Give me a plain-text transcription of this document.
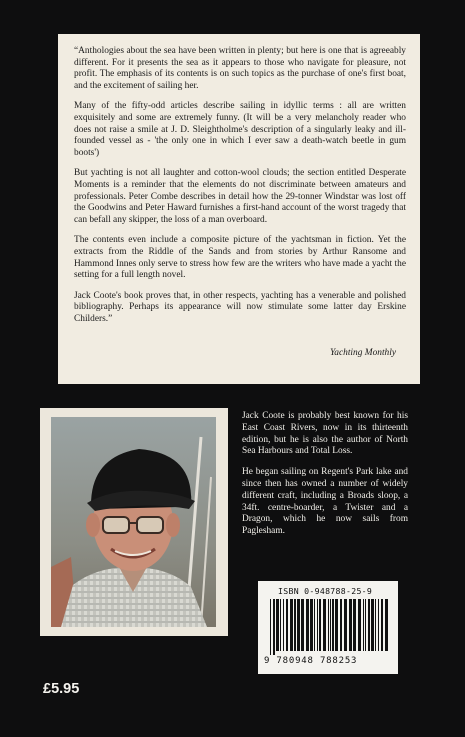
“Anthologies about the sea have been written in plenty; but here is one that is agreeably different. For it presents the sea as it appears to those who navigate for pleasure, not profit. The emphasis of its contents is on such topics as the purchase of one's first boat, and the excitement of sailing her.

Many of the fifty-odd articles describe sailing in idyllic terms : all are written exquisitely and some are extremely funny. (It will be a very melancholy reader who does not raise a smile at J. D. Sleightholme's description of a singularly leaky and ill-founded vessel as - 'the only one in which I ever saw a death-watch beetle in gum boots')

But yachting is not all laughter and cotton-wool clouds; the section entitled Desperate Moments is a reminder that the elements do not discriminate between amateurs and professionals. Peter Combe describes in detail how the 29-tonner Windstar was lost off the Goodwins and Peter Haward furnishes a first-hand account of the worst tragedy that can befall any skipper, the loss of a man overboard.

The contents even include a composite picture of the yachtsman in fiction. Yet the extracts from the Riddle of the Sands and from stories by Arthur Ransome and Hammond Innes only serve to stress how few are the writers who have made a yacht the setting for a full length novel.

Jack Coote's book proves that, in other respects, yachting has a venerable and polished bibliography. Perhaps its appearance will now stimulate some latter day Erskine Childers.”

Yachting Monthly

Jack Coote is probably best known for his East Coast Rivers, now in its thirteenth edition, but he is also the author of North Sea Harbours and Total Loss.

He began sailing on Regent's Park lake and since then has owned a number of widely different craft, including a Broads sloop, a 34ft. centre-boarder, a Twister and a Dragon, which he now sails from Paglesham.

ISBN 0-948788-25-9
9 780948 788253
£5.95
